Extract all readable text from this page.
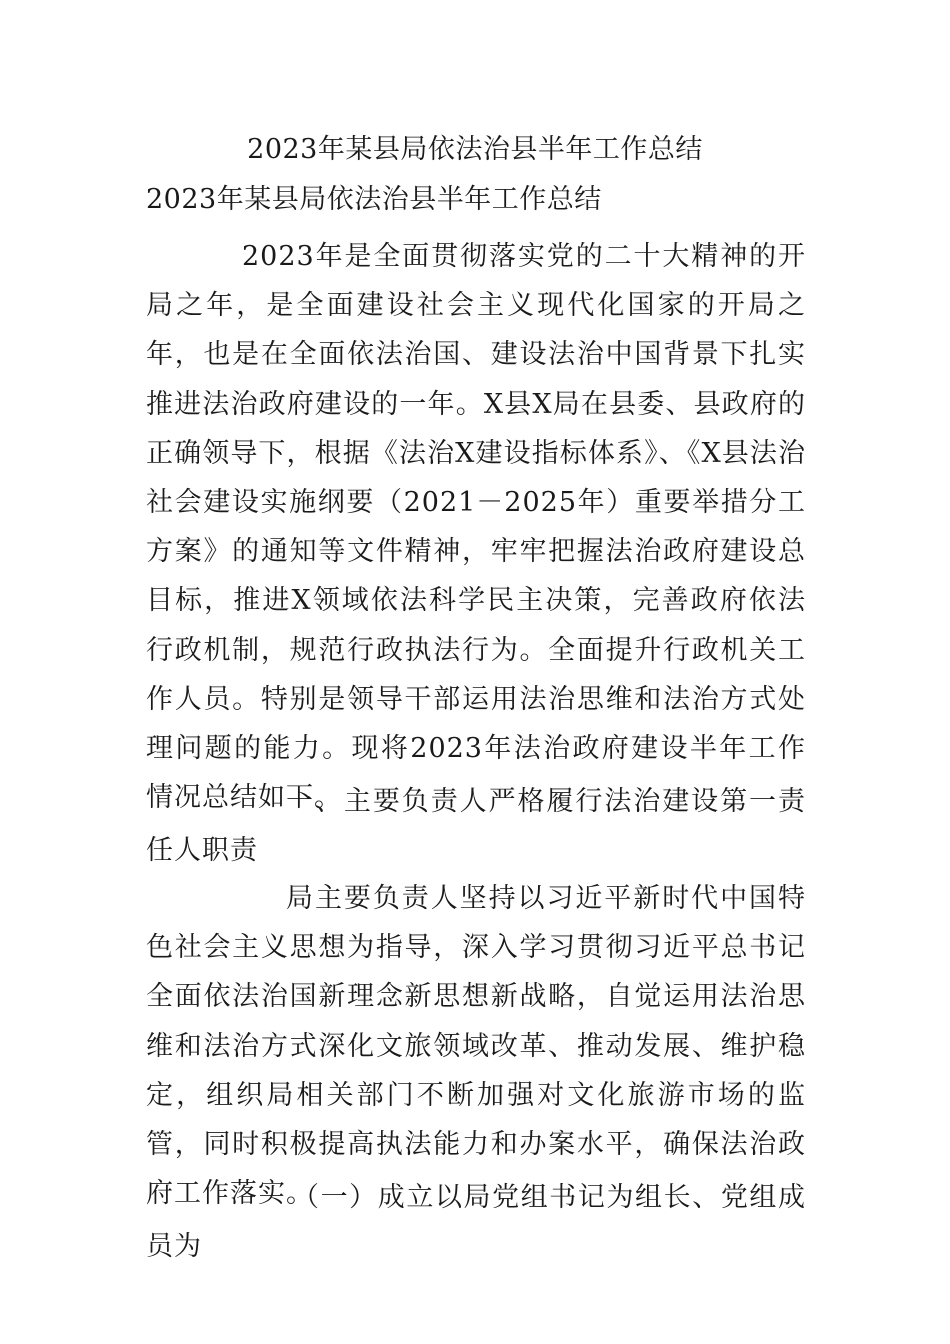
2023年某县局依法治县半年工作总结
2023年某县局依法治县半年工作总结

2023年是全面贯彻落实党的二十大精神的开局之年，是全面建设社会主义现代化国家的开局之年，也是在全面依法治国、建设法治中国背景下扎实推进法治政府建设的一年。X县X局在县委、县政府的正确领导下，根据《法治X建设指标体系》、《X县法治社会建设实施纲要（2021－2025年）重要举措分工方案》的通知等文件精神，牢牢把握法治政府建设总目标，推进X领域依法科学民主决策，完善政府依法行政机制，规范行政执法行为。全面提升行政机关工作人员。特别是领导干部运用法治思维和法治方式处理问题的能力。现将2023年法治政府建设半年工作情况总结如下。

一、主要负责人严格履行法治建设第一责任人职责

局主要负责人坚持以习近平新时代中国特色社会主义思想为指导，深入学习贯彻习近平总书记全面依法治国新理念新思想新战略，自觉运用法治思维和法治方式深化文旅领域改革、推动发展、维护稳定，组织局相关部门不断加强对文化旅游市场的监管，同时积极提高执法能力和办案水平，确保法治政府工作落实。

（一）成立以局党组书记为组长、党组成员为
